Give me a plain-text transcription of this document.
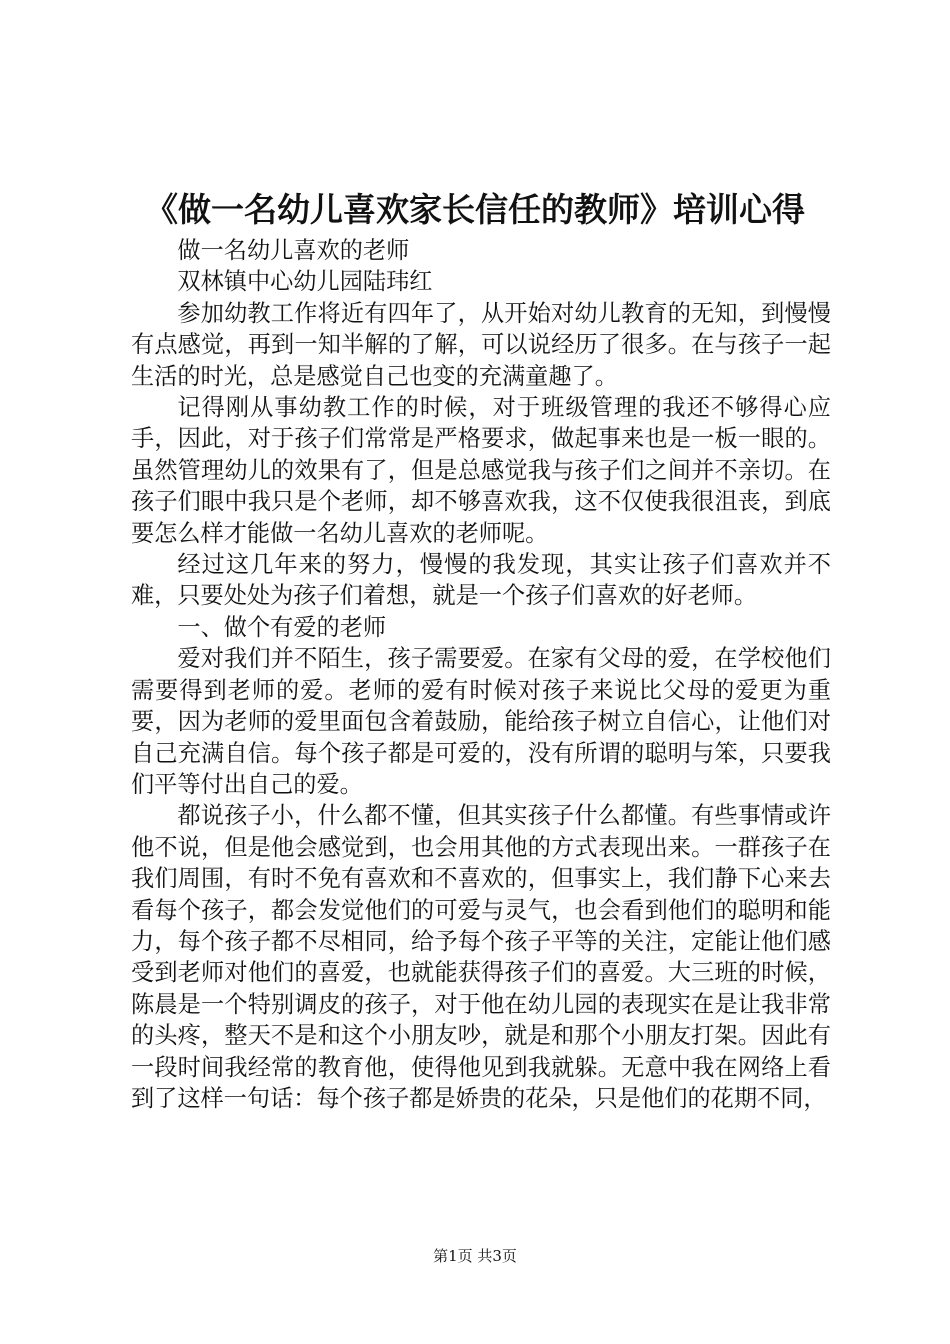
《做一名幼儿喜欢家长信任的教师》培训心得

做一名幼儿喜欢的老师

双林镇中心幼儿园陆玮红

参加幼教工作将近有四年了，从开始对幼儿教育的无知，到慢慢有点感觉，再到一知半解的了解，可以说经历了很多。在与孩子一起生活的时光，总是感觉自己也变的充满童趣了。

记得刚从事幼教工作的时候，对于班级管理的我还不够得心应手，因此，对于孩子们常常是严格要求，做起事来也是一板一眼的。虽然管理幼儿的效果有了，但是总感觉我与孩子们之间并不亲切。在孩子们眼中我只是个老师，却不够喜欢我，这不仅使我很沮丧，到底要怎么样才能做一名幼儿喜欢的老师呢。

经过这几年来的努力，慢慢的我发现，其实让孩子们喜欢并不难，只要处处为孩子们着想，就是一个孩子们喜欢的好老师。

一、做个有爱的老师

爱对我们并不陌生，孩子需要爱。在家有父母的爱，在学校他们需要得到老师的爱。老师的爱有时候对孩子来说比父母的爱更为重要，因为老师的爱里面包含着鼓励，能给孩子树立自信心，让他们对自己充满自信。每个孩子都是可爱的，没有所谓的聪明与笨，只要我们平等付出自己的爱。

都说孩子小，什么都不懂，但其实孩子什么都懂。有些事情或许他不说，但是他会感觉到，也会用其他的方式表现出来。一群孩子在我们周围，有时不免有喜欢和不喜欢的，但事实上，我们静下心来去看每个孩子，都会发觉他们的可爱与灵气，也会看到他们的聪明和能力，每个孩子都不尽相同，给予每个孩子平等的关注，定能让他们感受到老师对他们的喜爱，也就能获得孩子们的喜爱。大三班的时候，陈晨是一个特别调皮的孩子，对于他在幼儿园的表现实在是让我非常的头疼，整天不是和这个小朋友吵，就是和那个小朋友打架。因此有一段时间我经常的教育他，使得他见到我就躲。无意中我在网络上看到了这样一句话：每个孩子都是娇贵的花朵，只是他们的花期不同，

第1页 共3页
